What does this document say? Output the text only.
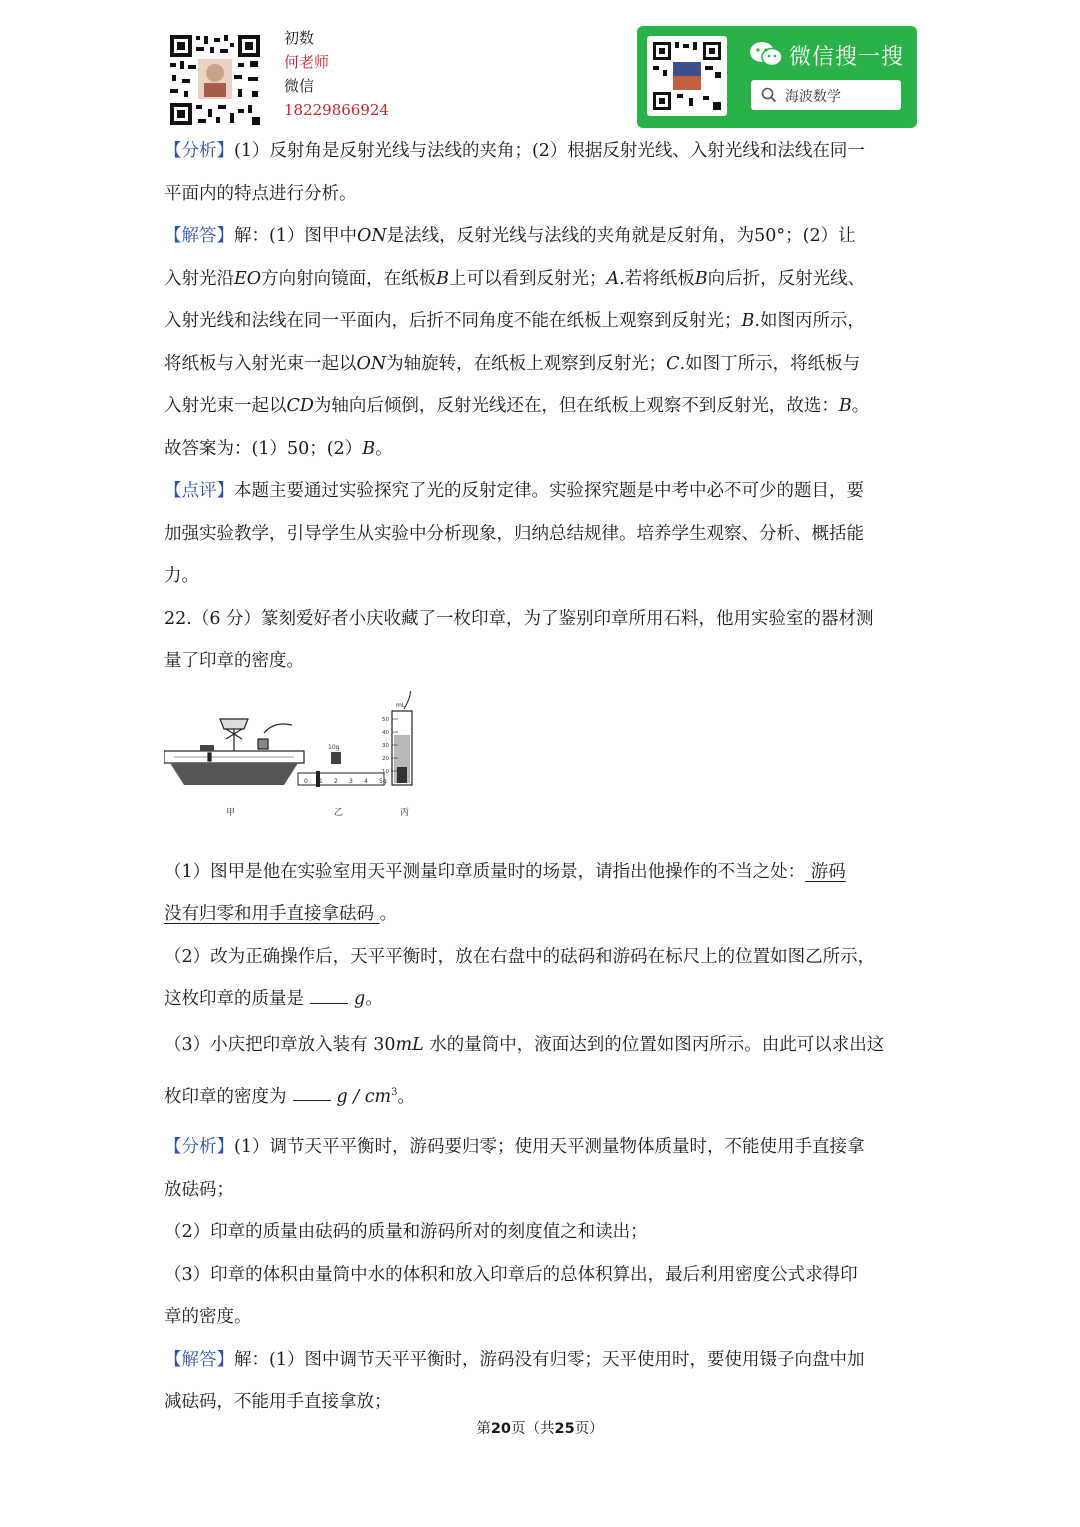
初数
何老师
微信
18229866924
微信搜一搜
海波数学

【分析】(1）反射角是反射光线与法线的夹角；(2）根据反射光线、入射光线和法线在同一
平面内的特点进行分析。

【解答】解：(1）图甲中ON是法线，反射光线与法线的夹角就是反射角，为50°；(2）让
入射光沿EO方向射向镜面，在纸板B上可以看到反射光；A.若将纸板B向后折，反射光线、
入射光线和法线在同一平面内，后折不同角度不能在纸板上观察到反射光；B.如图丙所示，
将纸板与入射光束一起以ON为轴旋转，在纸板上观察到反射光；C.如图丁所示，将纸板与
入射光束一起以CD为轴向后倾倒，反射光线还在，但在纸板上观察不到反射光，故选：B。
故答案为：(1）50；(2）B。

【点评】本题主要通过实验探究了光的反射定律。实验探究题是中考中必不可少的题目，要
加强实验教学，引导学生从实验中分析现象，归纳总结规律。培养学生观察、分析、概括能
力。

22.（6 分）篆刻爱好者小庆收藏了一枚印章，为了鉴别印章所用石料，他用实验室的器材测
量了印章的密度。

甲	乙	丙
10g
mL
50
40
30
20
10
0 1 2 3 4 5g

（1）图甲是他在实验室用天平测量印章质量时的场景，请指出他操作的不当之处： 游码
没有归零和用手直接拿砝码 。

（2）改为正确操作后，天平平衡时，放在右盘中的砝码和游码在标尺上的位置如图乙所示，
这枚印章的质量是	g。

（3）小庆把印章放入装有 30mL 水的量筒中，液面达到的位置如图丙所示。由此可以求出这
枚印章的密度为	g / $cm^3$。

【分析】(1）调节天平平衡时，游码要归零；使用天平测量物体质量时，不能使用手直接拿
放砝码；
（2）印章的质量由砝码的质量和游码所对的刻度值之和读出；
（3）印章的体积由量筒中水的体积和放入印章后的总体积算出，最后利用密度公式求得印
章的密度。

【解答】解：(1）图中调节天平平衡时，游码没有归零；天平使用时，要使用镊子向盘中加
减砝码，不能用手直接拿放；

第20页（共25页）
